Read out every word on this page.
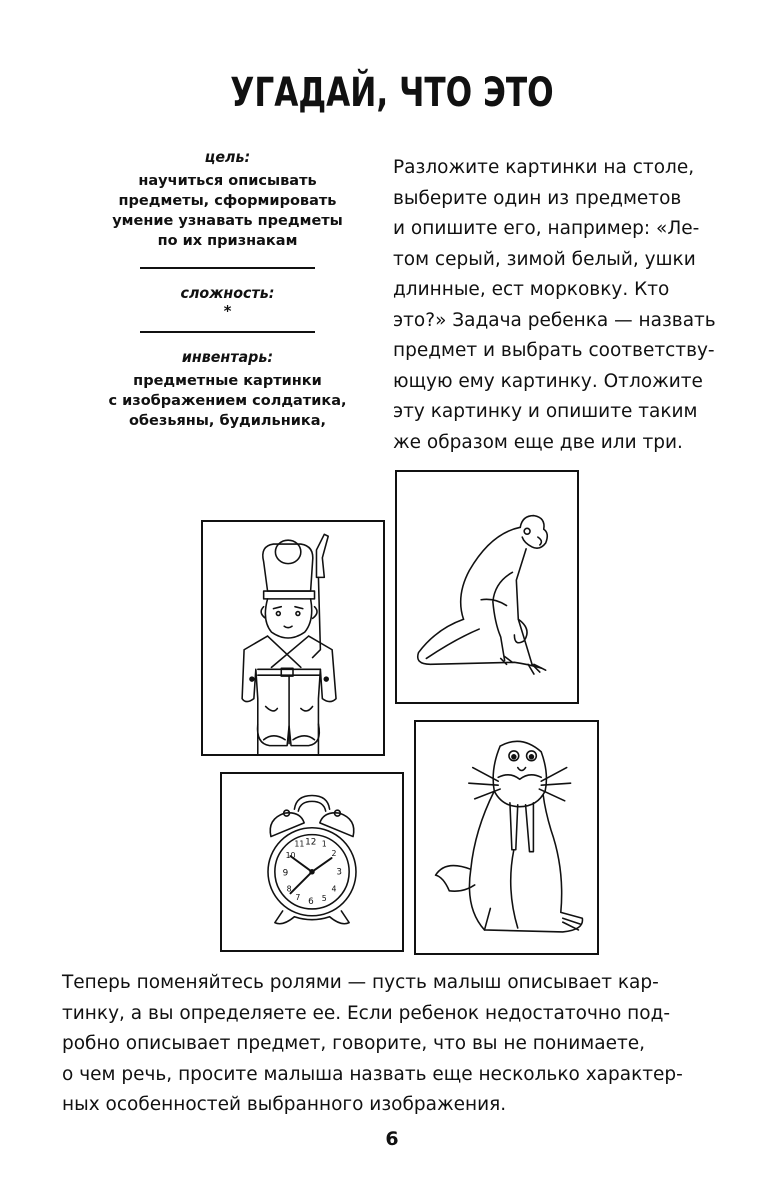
УГАДАЙ, ЧТО ЭТО
цель:
научиться описывать
предметы, сформировать
умение узнавать предметы
по их признакам
сложность:
*
инвентарь:
предметные картинки
с изображением солдатика,
обезьяны, будильника,
Разложите картинки на столе,
выберите один из предметов
и опишите его, например: «Ле-
том серый, зимой белый, ушки
длинные, ест морковку. Кто
это?» Задача ребенка — назвать
предмет и выбрать соответству-
ющую ему картинку. Отложите
эту картинку и опишите таким
же образом еще две или три.
12
11 1
2
3
4
5
6
7
8
9
10
Теперь поменяйтесь ролями — пусть малыш описывает кар-
тинку, а вы определяете ее. Если ребенок недостаточно под-
робно описывает предмет, говорите, что вы не понимаете,
о чем речь, просите малыша назвать еще несколько характер-
ных особенностей выбранного изображения.
6
